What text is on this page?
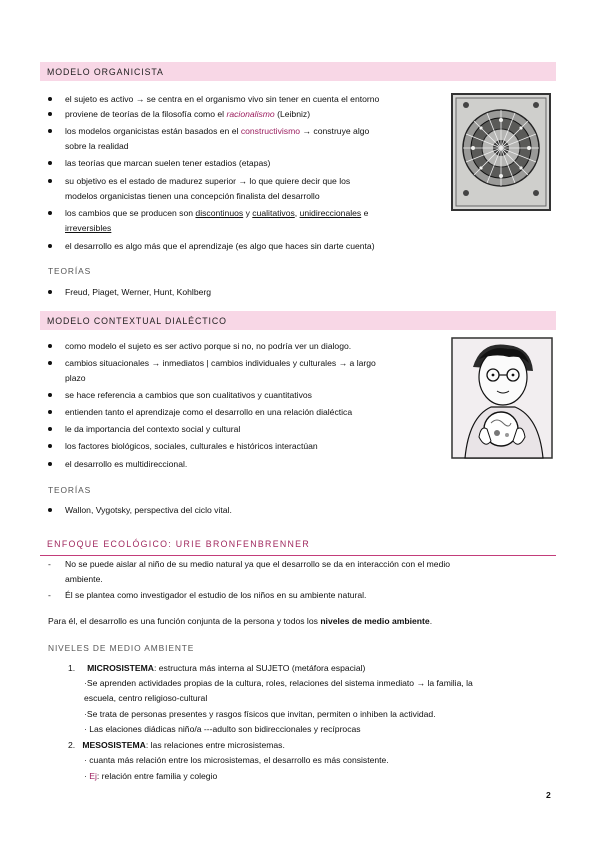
MODELO ORGANICISTA
el sujeto es activo → se centra en el organismo vivo sin tener en cuenta el entorno
proviene de teorías de la filosofía como el racionalismo (Leibniz)
los modelos organicistas están basados en el constructivismo → construye algo
sobre la realidad
las teorías que marcan suelen tener estadios (etapas)
su objetivo es el estado de madurez superior → lo que quiere decir que los
modelos organicistas tienen una concepción finalista del desarrollo
los cambios que se producen son discontinuos y cualitativos, unidireccionales e
irreversibles
el desarrollo es algo más que el aprendizaje (es algo que haces sin darte cuenta)
TEORÍAS
Freud, Piaget, Werner, Hunt, Kohlberg
MODELO CONTEXTUAL DIALÉCTICO
como modelo el sujeto es ser activo porque si no, no podría ver un dialogo.
cambios situacionales → inmediatos | cambios individuales y culturales → a largo
plazo
se hace referencia a cambios que son cualitativos y cuantitativos
entienden tanto el aprendizaje como el desarrollo en una relación dialéctica
le da importancia del contexto social y cultural
los factores biológicos, sociales, culturales e históricos interactúan
el desarrollo es multidireccional.
TEORÍAS
Wallon, Vygotsky, perspectiva del ciclo vital.
ENFOQUE ECOLÓGICO: URIE BRONFENBRENNER
- No se puede aislar al niño de su medio natural ya que el desarrollo se da en interacción con el medio
ambiente.
- Él se plantea como investigador el estudio de los niños en su ambiente natural.
Para él, el desarrollo es una función conjunta de la persona y todos los niveles de medio ambiente.
NIVELES DE MEDIO AMBIENTE
1. MICROSISTEMA: estructura más interna al SUJETO (metáfora espacial)
·Se aprenden actividades propias de la cultura, roles, relaciones del sistema inmediato → la familia, la
escuela, centro religioso-cultural
·Se trata de personas presentes y rasgos físicos que invitan, permiten o inhiben la actividad.
· Las elaciones diádicas niño/a ---adulto son bidireccionales y recíprocas
2. MESOSISTEMA: las relaciones entre microsistemas.
· cuanta más relación entre los microsistemas, el desarrollo es más consistente.
· Ej: relación entre familia y colegio
2
